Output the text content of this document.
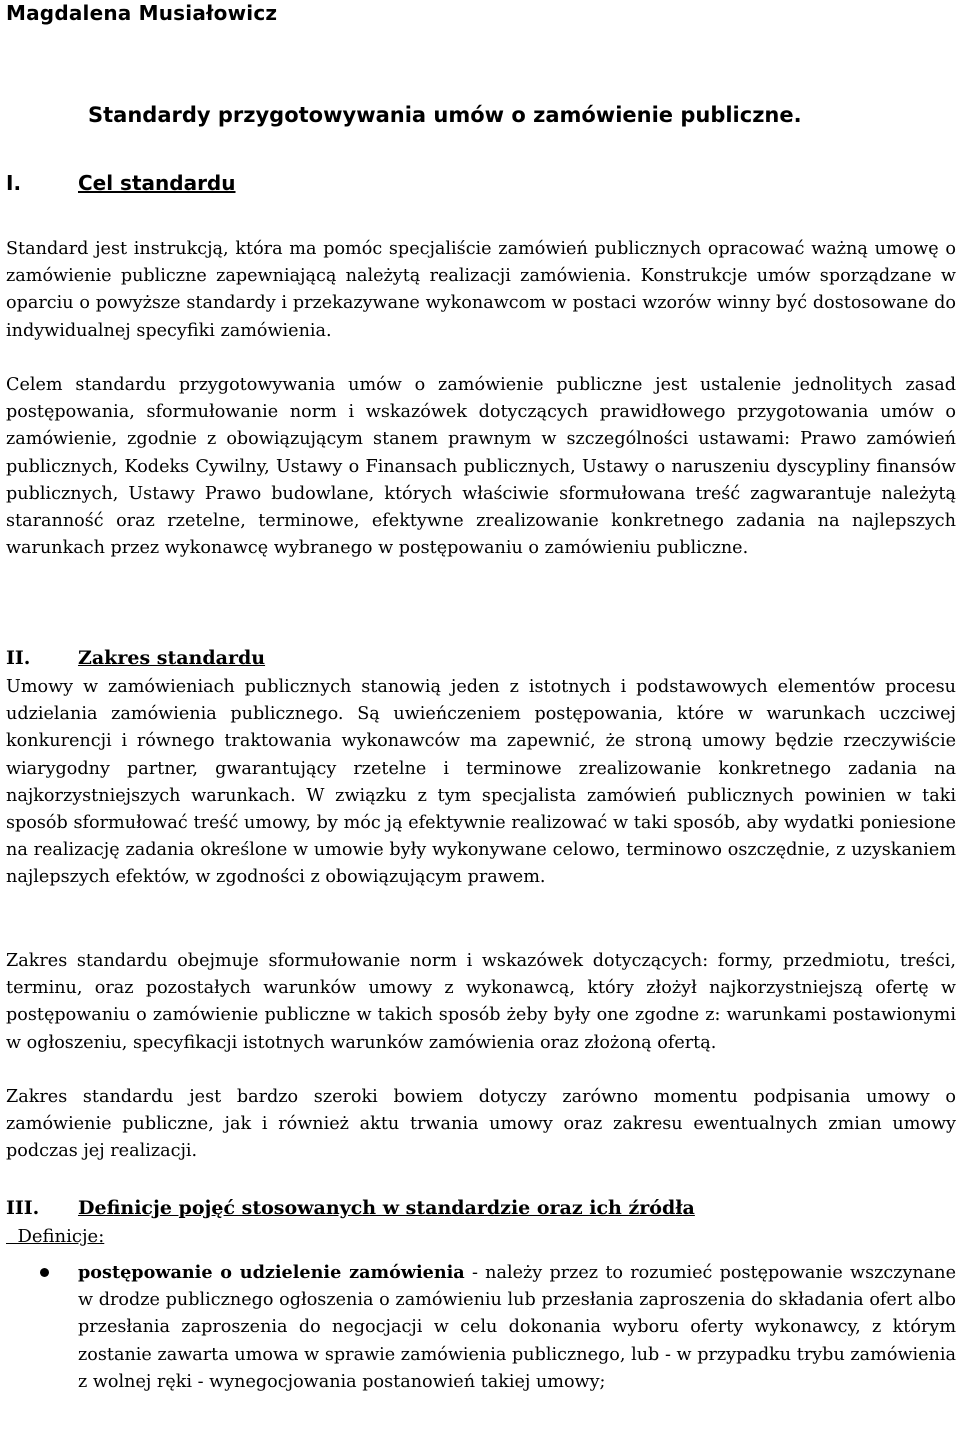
Magdalena Musiałowicz
Standardy przygotowywania umów o zamówienie publiczne.
I.	Cel standardu

Standard jest instrukcją, która ma pomóc specjaliście zamówień publicznych opracować ważną umowę o zamówienie publiczne zapewniającą należytą realizacji zamówienia. Konstrukcje umów sporządzane w oparciu o powyższe standardy i przekazywane wykonawcom w postaci wzorów winny być dostosowane do indywidualnej specyfiki zamówienia.

Celem standardu przygotowywania umów o zamówienie publiczne jest ustalenie jednolitych zasad postępowania, sformułowanie norm i wskazówek dotyczących prawidłowego przygotowania umów o zamówienie, zgodnie z obowiązującym stanem prawnym w szczególności ustawami: Prawo zamówień publicznych, Kodeks Cywilny, Ustawy o Finansach publicznych, Ustawy o naruszeniu dyscypliny finansów publicznych, Ustawy Prawo budowlane, których właściwie sformułowana treść zagwarantuje należytą staranność oraz rzetelne, terminowe, efektywne zrealizowanie konkretnego zadania na najlepszych warunkach przez wykonawcę wybranego w postępowaniu o zamówieniu publiczne.

II.	Zakres standardu

Umowy w zamówieniach publicznych stanowią jeden z istotnych i podstawowych elementów procesu udzielania zamówienia publicznego. Są uwieńczeniem postępowania, które w warunkach uczciwej konkurencji i równego traktowania wykonawców ma zapewnić, że stroną umowy będzie rzeczywiście wiarygodny partner, gwarantujący rzetelne i terminowe zrealizowanie konkretnego zadania na najkorzystniejszych warunkach. W związku z tym specjalista zamówień publicznych powinien w taki sposób sformułować treść umowy, by móc ją efektywnie realizować w taki sposób, aby wydatki poniesione na realizację zadania określone w umowie były wykonywane celowo, terminowo oszczędnie, z uzyskaniem najlepszych efektów, w zgodności z obowiązującym prawem.

Zakres standardu obejmuje sformułowanie norm i wskazówek dotyczących: formy, przedmiotu, treści, terminu, oraz pozostałych warunków umowy z wykonawcą, który złożył najkorzystniejszą ofertę w postępowaniu o zamówienie publiczne w takich sposób żeby były one zgodne z: warunkami postawionymi w ogłoszeniu, specyfikacji istotnych warunków zamówienia oraz złożoną ofertą.

Zakres standardu jest bardzo szeroki bowiem dotyczy zarówno momentu podpisania umowy o zamówienie publiczne, jak i również aktu trwania umowy oraz zakresu ewentualnych zmian umowy podczas jej realizacji.

III. Definicje pojęć stosowanych w standardzie oraz ich źródła
Definicje:
postępowanie o udzielenie zamówienia - należy przez to rozumieć postępowanie wszczynane w drodze publicznego ogłoszenia o zamówieniu lub przesłania zaproszenia do składania ofert albo przesłania zaproszenia do negocjacji w celu dokonania wyboru oferty wykonawcy, z którym zostanie zawarta umowa w sprawie zamówienia publicznego, lub - w przypadku trybu zamówienia z wolnej ręki - wynegocjowania postanowień takiej umowy;
